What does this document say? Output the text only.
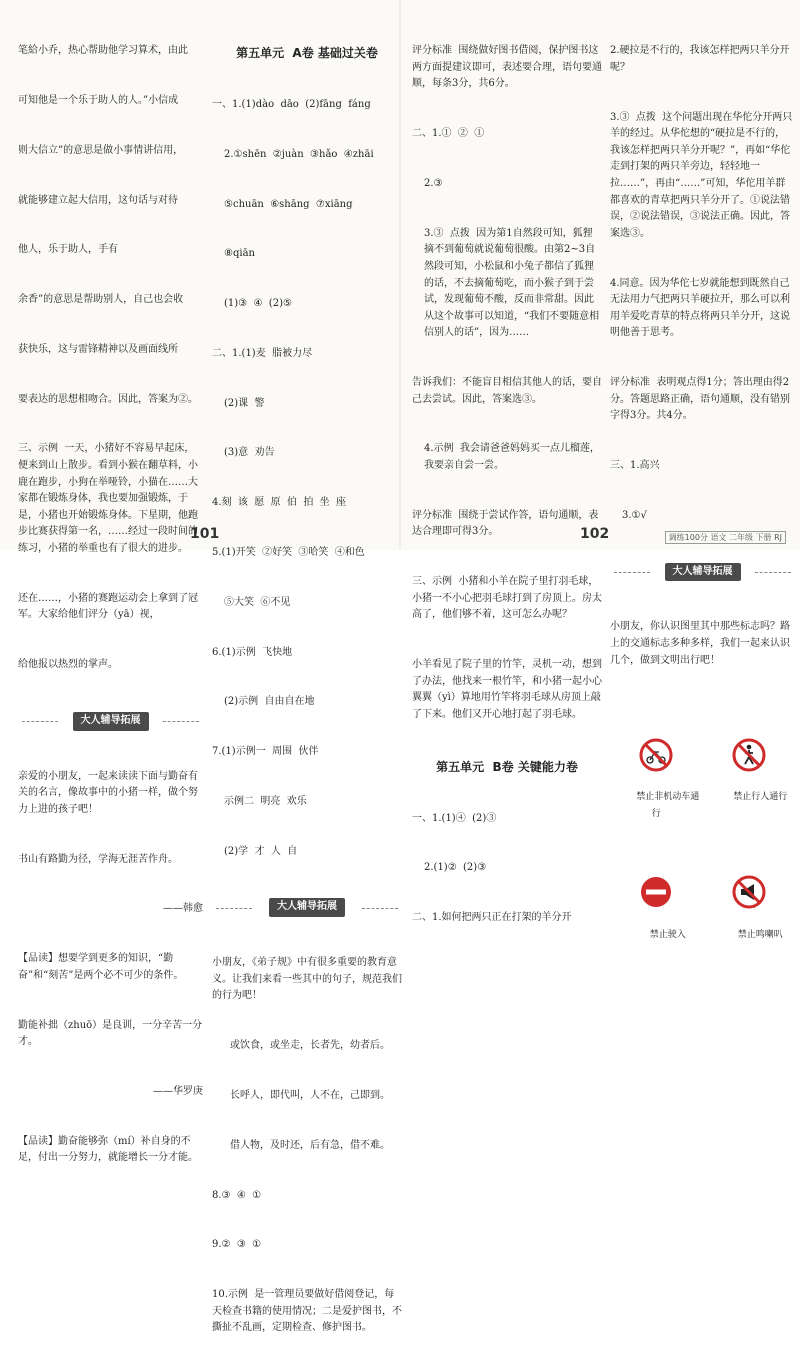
笔給小乔，热心帮助他学习算术，由此

可知他是一个乐于助人的人。”小信成

则大信立”的意思是做小事情讲信用，

就能够建立起大信用，这句话与对待

他人，乐于助人，手有

余香”的意思是帮助别人，自己也会收

获快乐，这与雷锋精神以及画面线所

要表达的思想相吻合。因此，答案为②。

三、示例  一天，小猪好不容易早起床，便来到山上散步。看到小猴在翻草料，小鹿在跑步，小狗在举哑铃，小猫在……大家都在锻炼身体，我也要加强锻炼，于是，小猪也开始锻炼身体。下星期，他跑步比赛获得第一名，……经过一段时间的练习，小猪的举重也有了很大的进步。

还在……，小猪的赛跑运动会上拿到了冠军。大家给他们评分（yā）视，

给他报以热烈的掌声。

大人辅导拓展

亲爱的小朋友，一起来读读下面与勤奋有关的名言，像故事中的小猪一样，做个努力上进的孩子吧！

书山有路勤为径，学海无涯苦作舟。

——韩愈

【品读】想要学到更多的知识，“勤奋”和“刻苦”是两个必不可少的条件。

勤能补拙（zhuō）是良训，一分辛苦一分才。

——华罗庚

【品读】勤奋能够弥（mí）补自身的不足，付出一分努力，就能增长一分才能。

第五单元  A卷 基础过关卷

一、1.(1)dào  dāo  (2)fāng  fáng

2.①shēn  ②juàn  ③hǎo  ④zhāi

⑤chuān  ⑥shāng  ⑦xiāng

⑧qiān

(1)③  ④  (2)⑤

二、1.(1)麦  脂被力尽

(2)课  警

(3)意  劝告

4.刻  该  愿  原  伯  拍  坐  座

5.(1)开笑  ②好笑  ③哈笑  ④和色

⑤大笑  ⑥不见

6.(1)示例  飞快地

(2)示例  自由自在地

7.(1)示例一  周围  伙伴

示例二  明亮  欢乐

(2)学  才  人  自

大人辅导拓展

小朋友，《弟子规》中有很多重要的教育意义。让我们来看一些其中的句子，规范我们的行为吧！

或饮食，或坐走，长者先，幼者后。

长呼人，即代叫，人不在，己即到。

借人物，及时还，后有急，借不难。

8.③  ④  ①

9.②  ③  ①

10.示例  是一管理员要做好借阅登记，每天检查书籍的使用情况；二是爱护图书，不撕扯不乱画，定期检查、修护图书。

评分标准  围绕做好图书借阅，保护图书这两方面提建议即可，表述要合理，语句要通顺，每条3分，共6分。

二、1.①  ②  ①

2.③

3.③  点拨  因为第1自然段可知，狐狸摘不到葡萄就说葡萄很酸。由第2~3自然段可知，小松鼠和小兔子都信了狐狸的话，不去摘葡萄吃，而小猴子到于尝试，发现葡萄不酸，反而非常甜。因此从这个故事可以知道，“我们不要随意相信别人的话”，因为……

告诉我们：不能盲目相信其他人的话，要自己去尝试。因此，答案选③。

4.示例  我会请爸爸妈妈买一点儿榴莲，我要亲自尝一尝。

评分标准  围绕于尝试作答，语句通顺，表达合理即可得3分。

三、示例  小猪和小羊在院子里打羽毛球，小猪一不小心把羽毛球打到了房顶上。房太高了，他们够不着，这可怎么办呢？

小羊看见了院子里的竹竿，灵机一动，想到了办法，他找来一根竹竿，和小猪一起小心翼翼（yì）算地用竹竿将羽毛球从房顶上敲了下来。他们又开心地打起了羽毛球。

第五单元  B卷 关键能力卷

一、1.(1)④  (2)③

2.(1)②  (2)③

二、1.如何把两只正在打架的羊分开

2.硬拉是不行的，我该怎样把两只羊分开呢？

3.③  点拨  这个问题出现在华佗分开两只羊的经过。从华佗想的“硬拉是不行的，我该怎样把两只羊分开呢？”，再如“华佗走到打架的两只羊旁边，轻轻地一拉……”，再由“……”可知，华佗用羊群都喜欢的青草把两只羊分开了。①说法错误，②说法错误，③说法正确。因此，答案选③。

4.同意。因为华佗七岁就能想到既然自己无法用力气把两只羊硬拉开，那么可以利用羊爱吃青草的特点将两只羊分开，这说明他善于思考。

评分标准  表明观点得1分；答出理由得2分。答题思路正确，语句通顺，没有错别字得3分。共4分。

三、1.高兴

3.①√

大人辅导拓展

小朋友，你认识图里其中那些标志吗？路上的交通标志多种多样，我们一起来认识几个，做到文明出行吧！

禁止非机动车通行

禁止行人通行

禁止驶入

	禁止鸣喇叭

101	102	调练100分 语文 二年级 下册 RJ
